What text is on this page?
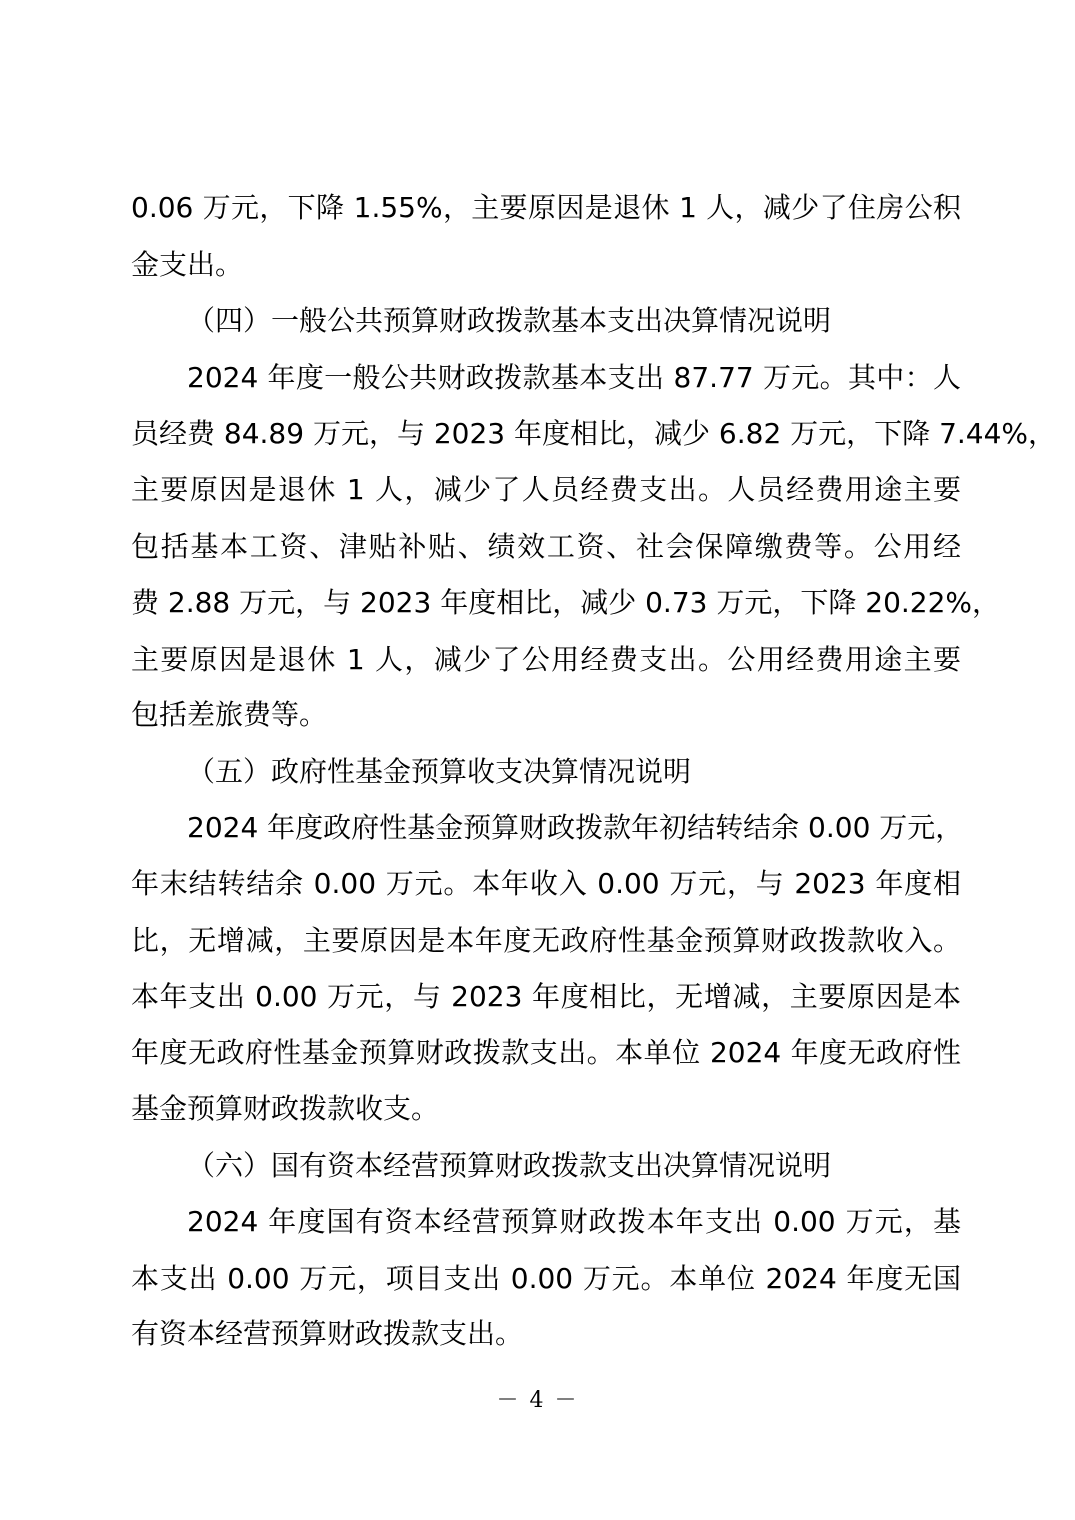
0.06 万元，下降 1.55%，主要原因是退休 1 人，减少了住房公积
金支出。
（四）一般公共预算财政拨款基本支出决算情况说明
2024 年度一般公共财政拨款基本支出 87.77 万元。其中：人
员经费 84.89 万元，与 2023 年度相比，减少 6.82 万元，下降 7.44%，
主要原因是退休 1 人，减少了人员经费支出。人员经费用途主要
包括基本工资、津贴补贴、绩效工资、社会保障缴费等。公用经
费 2.88 万元，与 2023 年度相比，减少 0.73 万元，下降 20.22%，
主要原因是退休 1 人，减少了公用经费支出。公用经费用途主要
包括差旅费等。
（五）政府性基金预算收支决算情况说明
2024 年度政府性基金预算财政拨款年初结转结余 0.00 万元，
年末结转结余 0.00 万元。本年收入 0.00 万元，与 2023 年度相
比，无增减，主要原因是本年度无政府性基金预算财政拨款收入。
本年支出 0.00 万元，与 2023 年度相比，无增减，主要原因是本
年度无政府性基金预算财政拨款支出。本单位 2024 年度无政府性
基金预算财政拨款收支。
（六）国有资本经营预算财政拨款支出决算情况说明
2024 年度国有资本经营预算财政拨本年支出 0.00 万元，基
本支出 0.00 万元，项目支出 0.00 万元。本单位 2024 年度无国
有资本经营预算财政拨款支出。
－ 4 －
